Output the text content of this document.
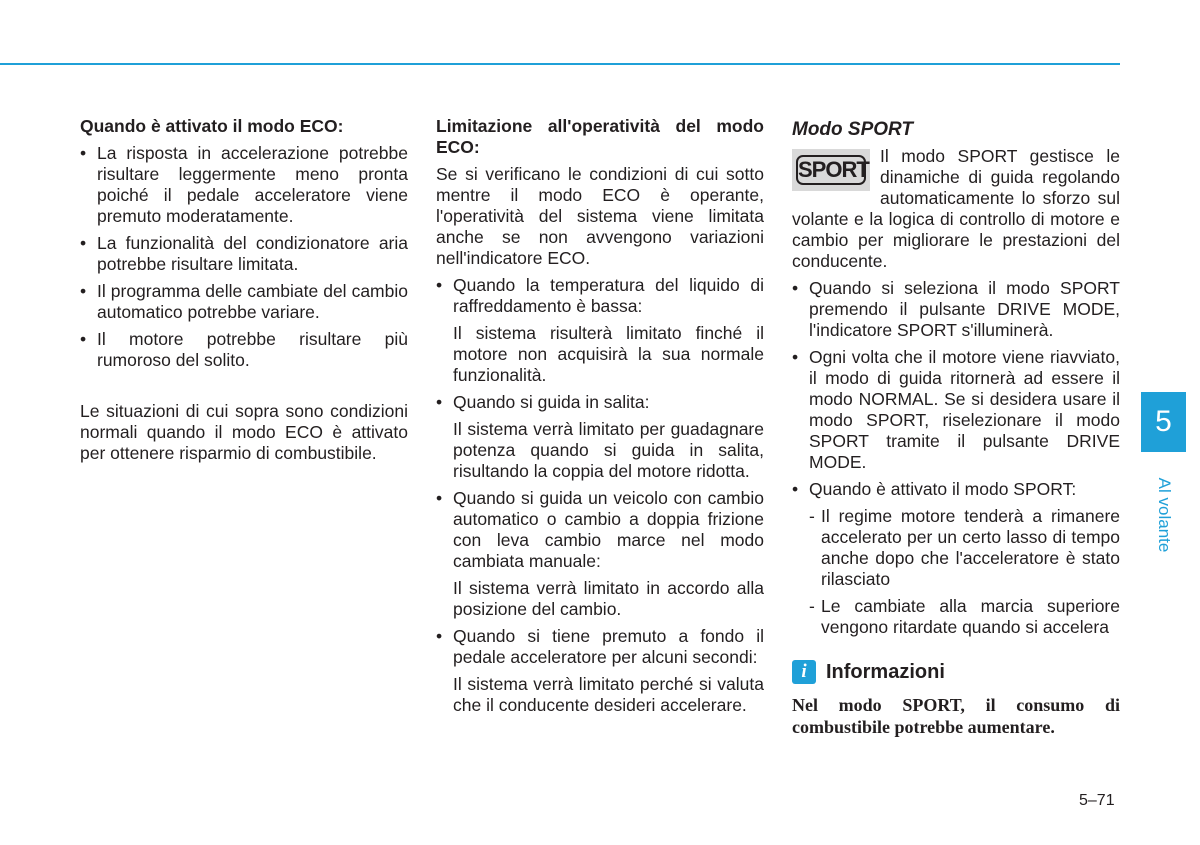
Quando è attivato il modo ECO:

• La risposta in accelerazione potrebbe risultare leggermente meno pronta poiché il pedale acceleratore viene premuto moderatamente.
• La funzionalità del condizionatore aria potrebbe risultare limitata.
• Il programma delle cambiate del cambio automatico potrebbe variare.
• Il motore potrebbe risultare più rumoroso del solito.

Le situazioni di cui sopra sono condizioni normali quando il modo ECO è attivato per ottenere risparmio di combustibile.

Limitazione all'operatività del modo ECO:

Se si verificano le condizioni di cui sotto mentre il modo ECO è operante, l'operatività del sistema viene limitata anche se non avvengono variazioni nell'indicatore ECO.

• Quando la temperatura del liquido di raffreddamento è bassa:
Il sistema risulterà limitato finché il motore non acquisirà la sua normale funzionalità.
• Quando si guida in salita:
Il sistema verrà limitato per guadagnare potenza quando si guida in salita, risultando la coppia del motore ridotta.
• Quando si guida un veicolo con cambio automatico o cambio a doppia frizione con leva cambio marce nel modo cambiata manuale:
Il sistema verrà limitato in accordo alla posizione del cambio.
• Quando si tiene premuto a fondo il pedale acceleratore per alcuni secondi:
Il sistema verrà limitato perché si valuta che il conducente desideri accelerare.
Modo SPORT

SPORT
Il modo SPORT gestisce le dinamiche di guida regolando automaticamente lo sforzo sul volante e la logica di controllo di motore e cambio per migliorare le prestazioni del conducente.

• Quando si seleziona il modo SPORT premendo il pulsante DRIVE MODE, l'indicatore SPORT s'illuminerà.
• Ogni volta che il motore viene riavviato, il modo di guida ritornerà ad essere il modo NORMAL. Se si desidera usare il modo SPORT, riselezionare il modo SPORT tramite il pulsante DRIVE MODE.
• Quando è attivato il modo SPORT:
- Il regime motore tenderà a rimanere accelerato per un certo lasso di tempo anche dopo che l'acceleratore è stato rilasciato
- Le cambiate alla marcia superiore vengono ritardate quando si accelera
i Informazioni
Nel modo SPORT, il consumo di combustibile potrebbe aumentare.
5
Al volante
5–71
